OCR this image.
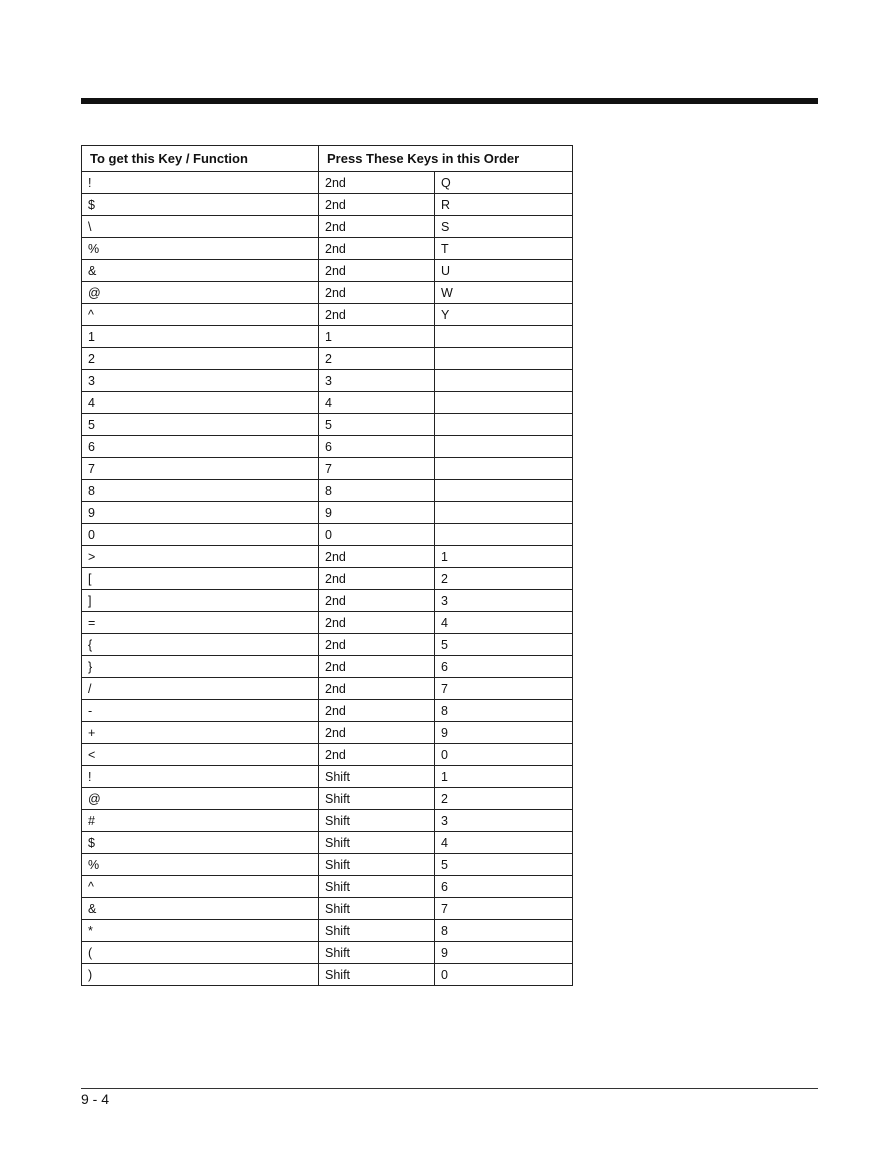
To get this Key / Function	Press These Keys in this Order	
!	2nd	Q
$	2nd	R
\	2nd	S
%	2nd	T
&	2nd	U
@	2nd	W
^	2nd	Y
1	1	
2	2	
3	3	
4	4	
5	5	
6	6	
7	7	
8	8	
9	9	
0	0	
>	2nd	1
[	2nd	2
]	2nd	3
=	2nd	4
{	2nd	5
}	2nd	6
/	2nd	7
-	2nd	8
+	2nd	9
<	2nd	0
!	Shift	1
@	Shift	2
#	Shift	3
$	Shift	4
%	Shift	5
^	Shift	6
&	Shift	7
*	Shift	8
(	Shift	9
)	Shift	0
9 - 4
